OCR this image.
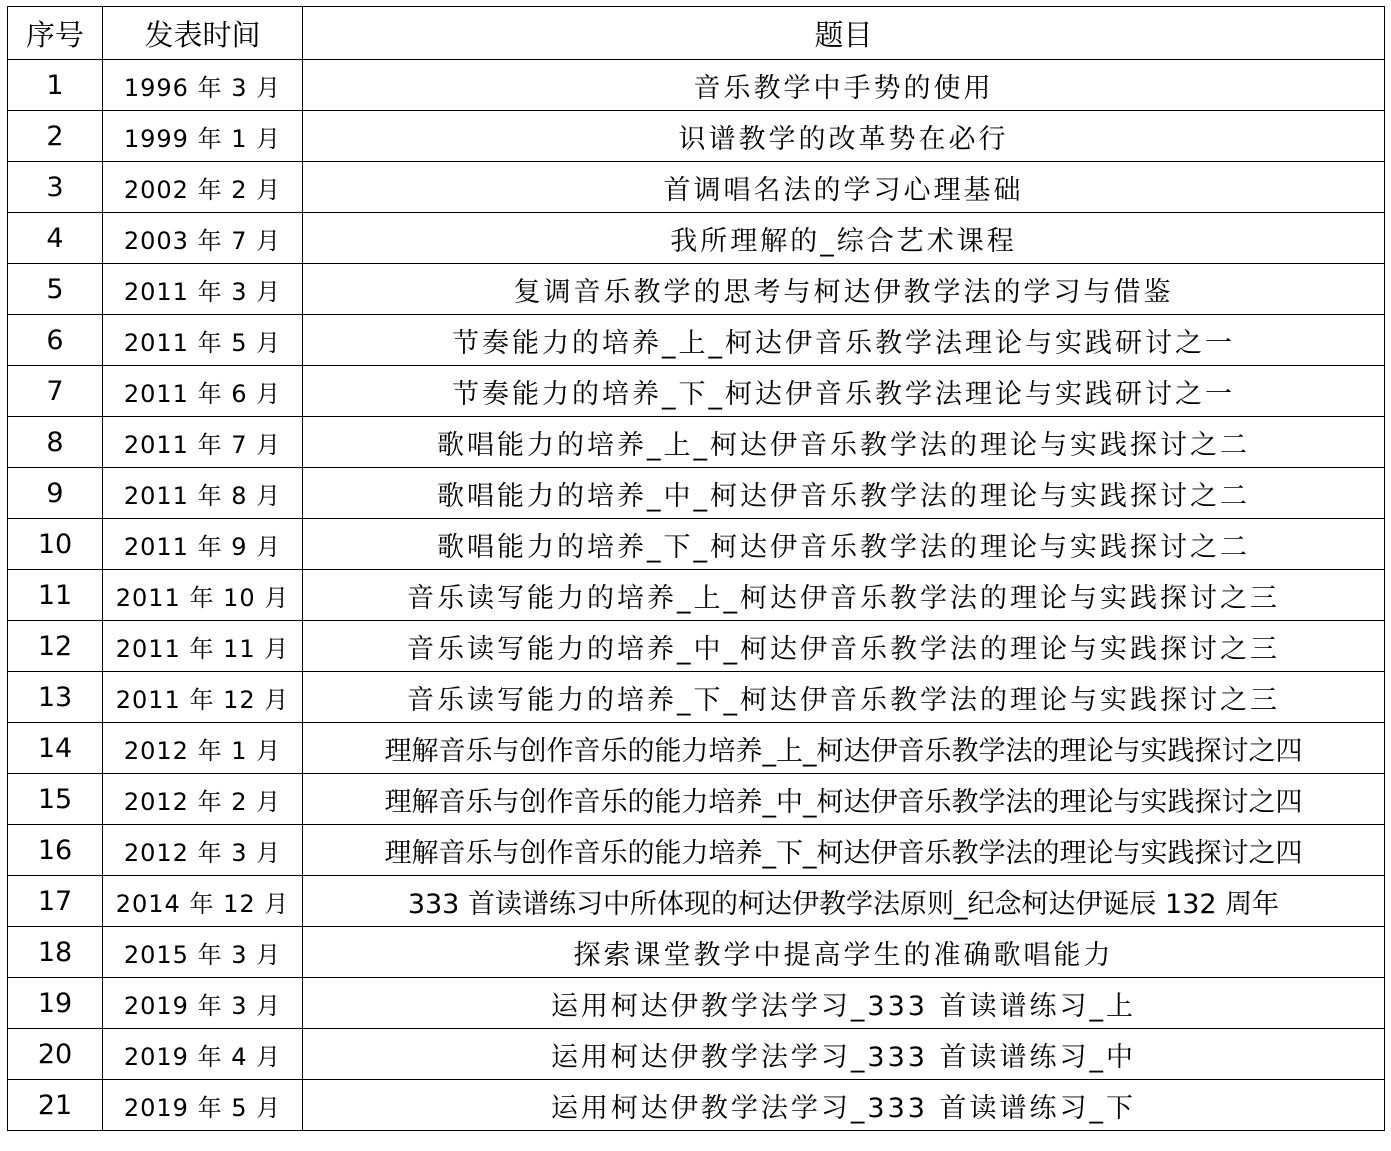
序号	发表时间	题目
1	1996 年 3 月	音乐教学中手势的使用
2	1999 年 1 月	识谱教学的改革势在必行
3	2002 年 2 月	首调唱名法的学习心理基础
4	2003 年 7 月	我所理解的_综合艺术课程
5	2011 年 3 月	复调音乐教学的思考与柯达伊教学法的学习与借鉴
6	2011 年 5 月	节奏能力的培养_上_柯达伊音乐教学法理论与实践研讨之一
7	2011 年 6 月	节奏能力的培养_下_柯达伊音乐教学法理论与实践研讨之一
8	2011 年 7 月	歌唱能力的培养_上_柯达伊音乐教学法的理论与实践探讨之二
9	2011 年 8 月	歌唱能力的培养_中_柯达伊音乐教学法的理论与实践探讨之二
10	2011 年 9 月	歌唱能力的培养_下_柯达伊音乐教学法的理论与实践探讨之二
11	2011 年 10 月	音乐读写能力的培养_上_柯达伊音乐教学法的理论与实践探讨之三
12	2011 年 11 月	音乐读写能力的培养_中_柯达伊音乐教学法的理论与实践探讨之三
13	2011 年 12 月	音乐读写能力的培养_下_柯达伊音乐教学法的理论与实践探讨之三
14	2012 年 1 月	理解音乐与创作音乐的能力培养_上_柯达伊音乐教学法的理论与实践探讨之四
15	2012 年 2 月	理解音乐与创作音乐的能力培养_中_柯达伊音乐教学法的理论与实践探讨之四
16	2012 年 3 月	理解音乐与创作音乐的能力培养_下_柯达伊音乐教学法的理论与实践探讨之四
17	2014 年 12 月	333 首读谱练习中所体现的柯达伊教学法原则_纪念柯达伊诞辰 132 周年
18	2015 年 3 月	探索课堂教学中提高学生的准确歌唱能力
19	2019 年 3 月	运用柯达伊教学法学习_333 首读谱练习_上
20	2019 年 4 月	运用柯达伊教学法学习_333 首读谱练习_中
21	2019 年 5 月	运用柯达伊教学法学习_333 首读谱练习_下
